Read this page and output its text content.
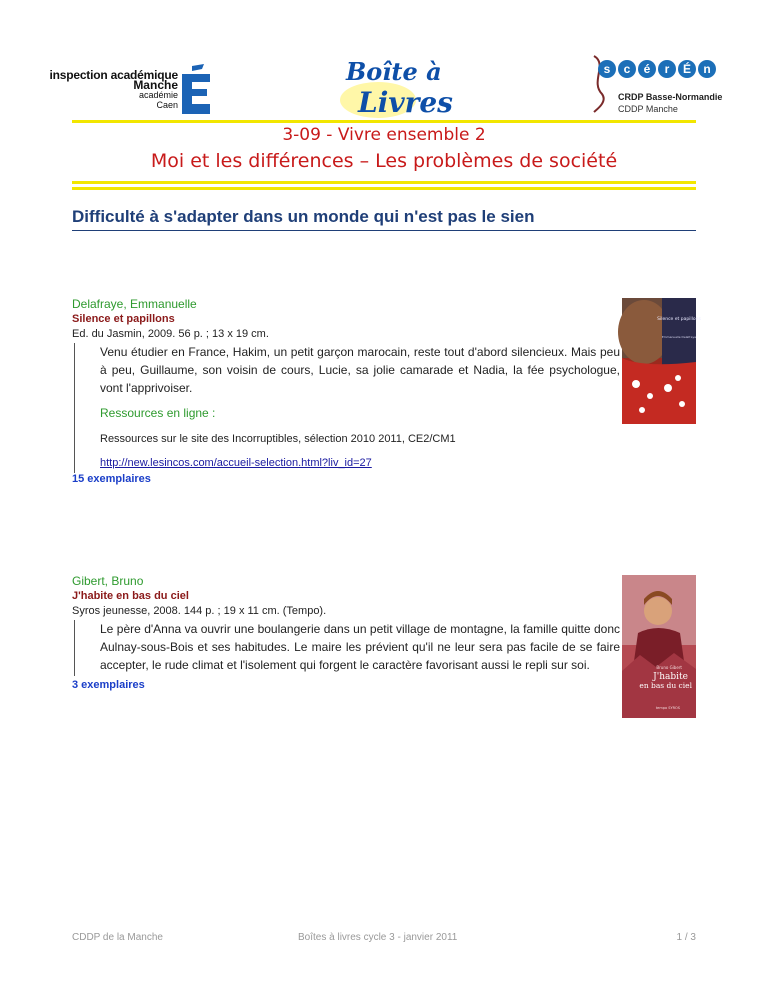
inspection académique
Manche
académie
Caen
Boîte à
Livres
s	c	é	r	É	n
CRDP Basse-Normandie
CDDP Manche
3-09 - Vivre ensemble 2
Moi et les différences – Les problèmes de société
Difficulté à s'adapter dans un monde qui n'est pas le sien
Delafraye, Emmanuelle
Silence et papillons
Ed. du Jasmin, 2009. 56 p. ; 13 x 19 cm.

Venu étudier en France, Hakim, un petit garçon marocain, reste tout d'abord silencieux. Mais peu à peu, Guillaume, son voisin de cours, Lucie, sa jolie camarade et Nadia, la fée psychologue, vont l'apprivoiser.

Ressources en ligne :
Ressources sur le site des Incorruptibles, sélection 2010 2011, CE2/CM1
http://new.lesincos.com/accueil-selection.html?liv_id=27
15 exemplaires
Silence et papillons
Emmanuelle Delafraye
Gibert, Bruno
J'habite en bas du ciel
Syros jeunesse, 2008. 144 p. ; 19 x 11 cm. (Tempo).

Le père d'Anna va ouvrir une boulangerie dans un petit village de montagne, la famille quitte donc Aulnay-sous-Bois et ses habitudes. Le maire les prévient qu'il ne leur sera pas facile de se faire accepter, le rude climat et l'isolement qui forgent le caractère favorisant aussi le repli sur soi.

3 exemplaires
Bruno Gibert
J'habite
en bas du ciel
tempo SYROS
CDDP de la Manche	Boîtes à livres cycle 3 - janvier 2011	1 / 3
